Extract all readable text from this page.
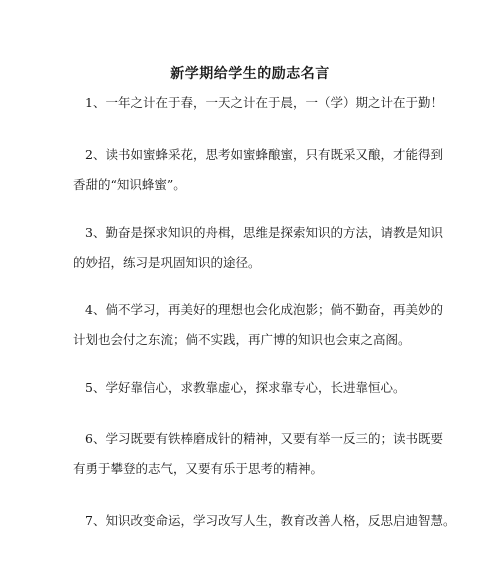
新学期给学生的励志名言
1、一年之计在于春，一天之计在于晨，一（学）期之计在于勤！
2、读书如蜜蜂采花，思考如蜜蜂酿蜜，只有既采又酿，才能得到
香甜的“知识蜂蜜”。
3、勤奋是探求知识的舟楫，思维是探索知识的方法，请教是知识
的妙招，练习是巩固知识的途径。
4、倘不学习，再美好的理想也会化成泡影；倘不勤奋，再美妙的
计划也会付之东流；倘不实践，再广博的知识也会束之高阁。
5、学好靠信心，求教靠虚心，探求靠专心，长进靠恒心。
6、学习既要有铁棒磨成针的精神，又要有举一反三的；读书既要
有勇于攀登的志气，又要有乐于思考的精神。
7、知识改变命运，学习改写人生，教育改善人格，反思启迪智慧。
